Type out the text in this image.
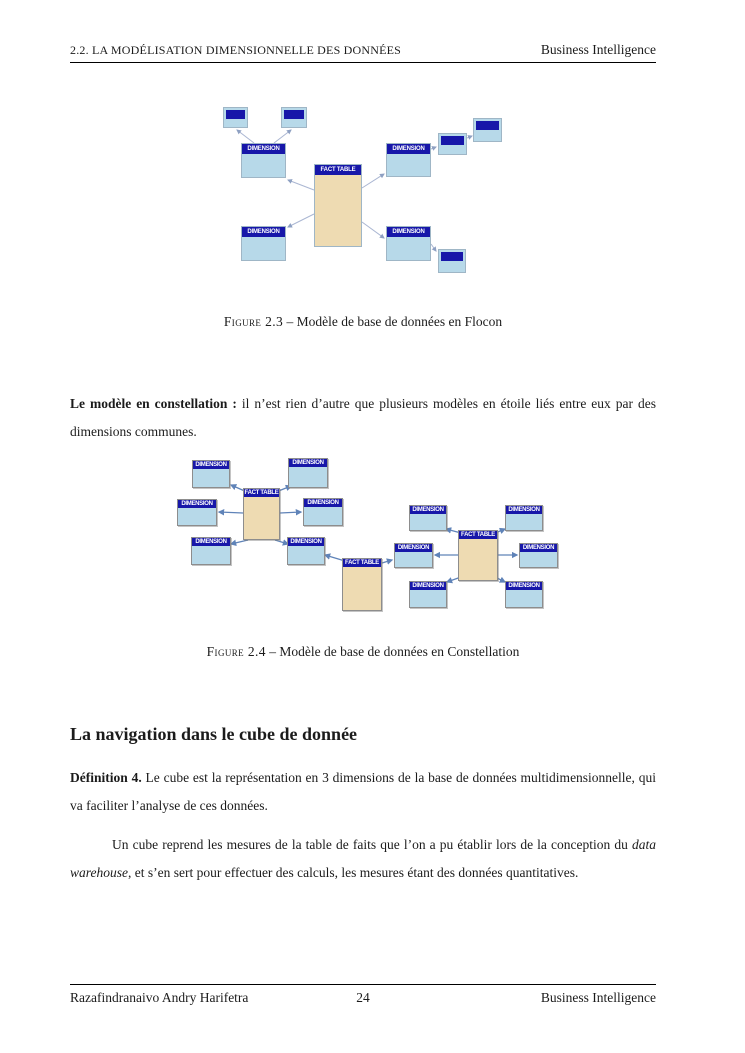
2.2. LA MODÉLISATION DIMENSIONNELLE DES DONNÉES	Business Intelligence
DIMENSION
FACT TABLE
DIMENSION
DIMENSION	DIMENSION
Figure 2.3 – Modèle de base de données en Flocon

Le modèle en constellation : il n’est rien d’autre que plusieurs modèles en étoile liés entre eux par des dimensions communes.

FACT TABLE
DIMENSION	DIMENSION
DIMENSION	DIMENSION
DIMENSION	DIMENSION
FACT TABLE
FACT TABLE
DIMENSION	DIMENSION
DIMENSION	DIMENSION
DIMENSION	DIMENSION
Figure 2.4 – Modèle de base de données en Constellation
La navigation dans le cube de donnée

Définition 4. Le cube est la représentation en 3 dimensions de la base de données multidimensionnelle, qui va faciliter l’analyse de ces données.

Un cube reprend les mesures de la table de faits que l’on a pu établir lors de la conception du data warehouse, et s’en sert pour effectuer des calculs, les mesures étant des données quantitatives.

24
Razafindranaivo Andry Harifetra	Business Intelligence
